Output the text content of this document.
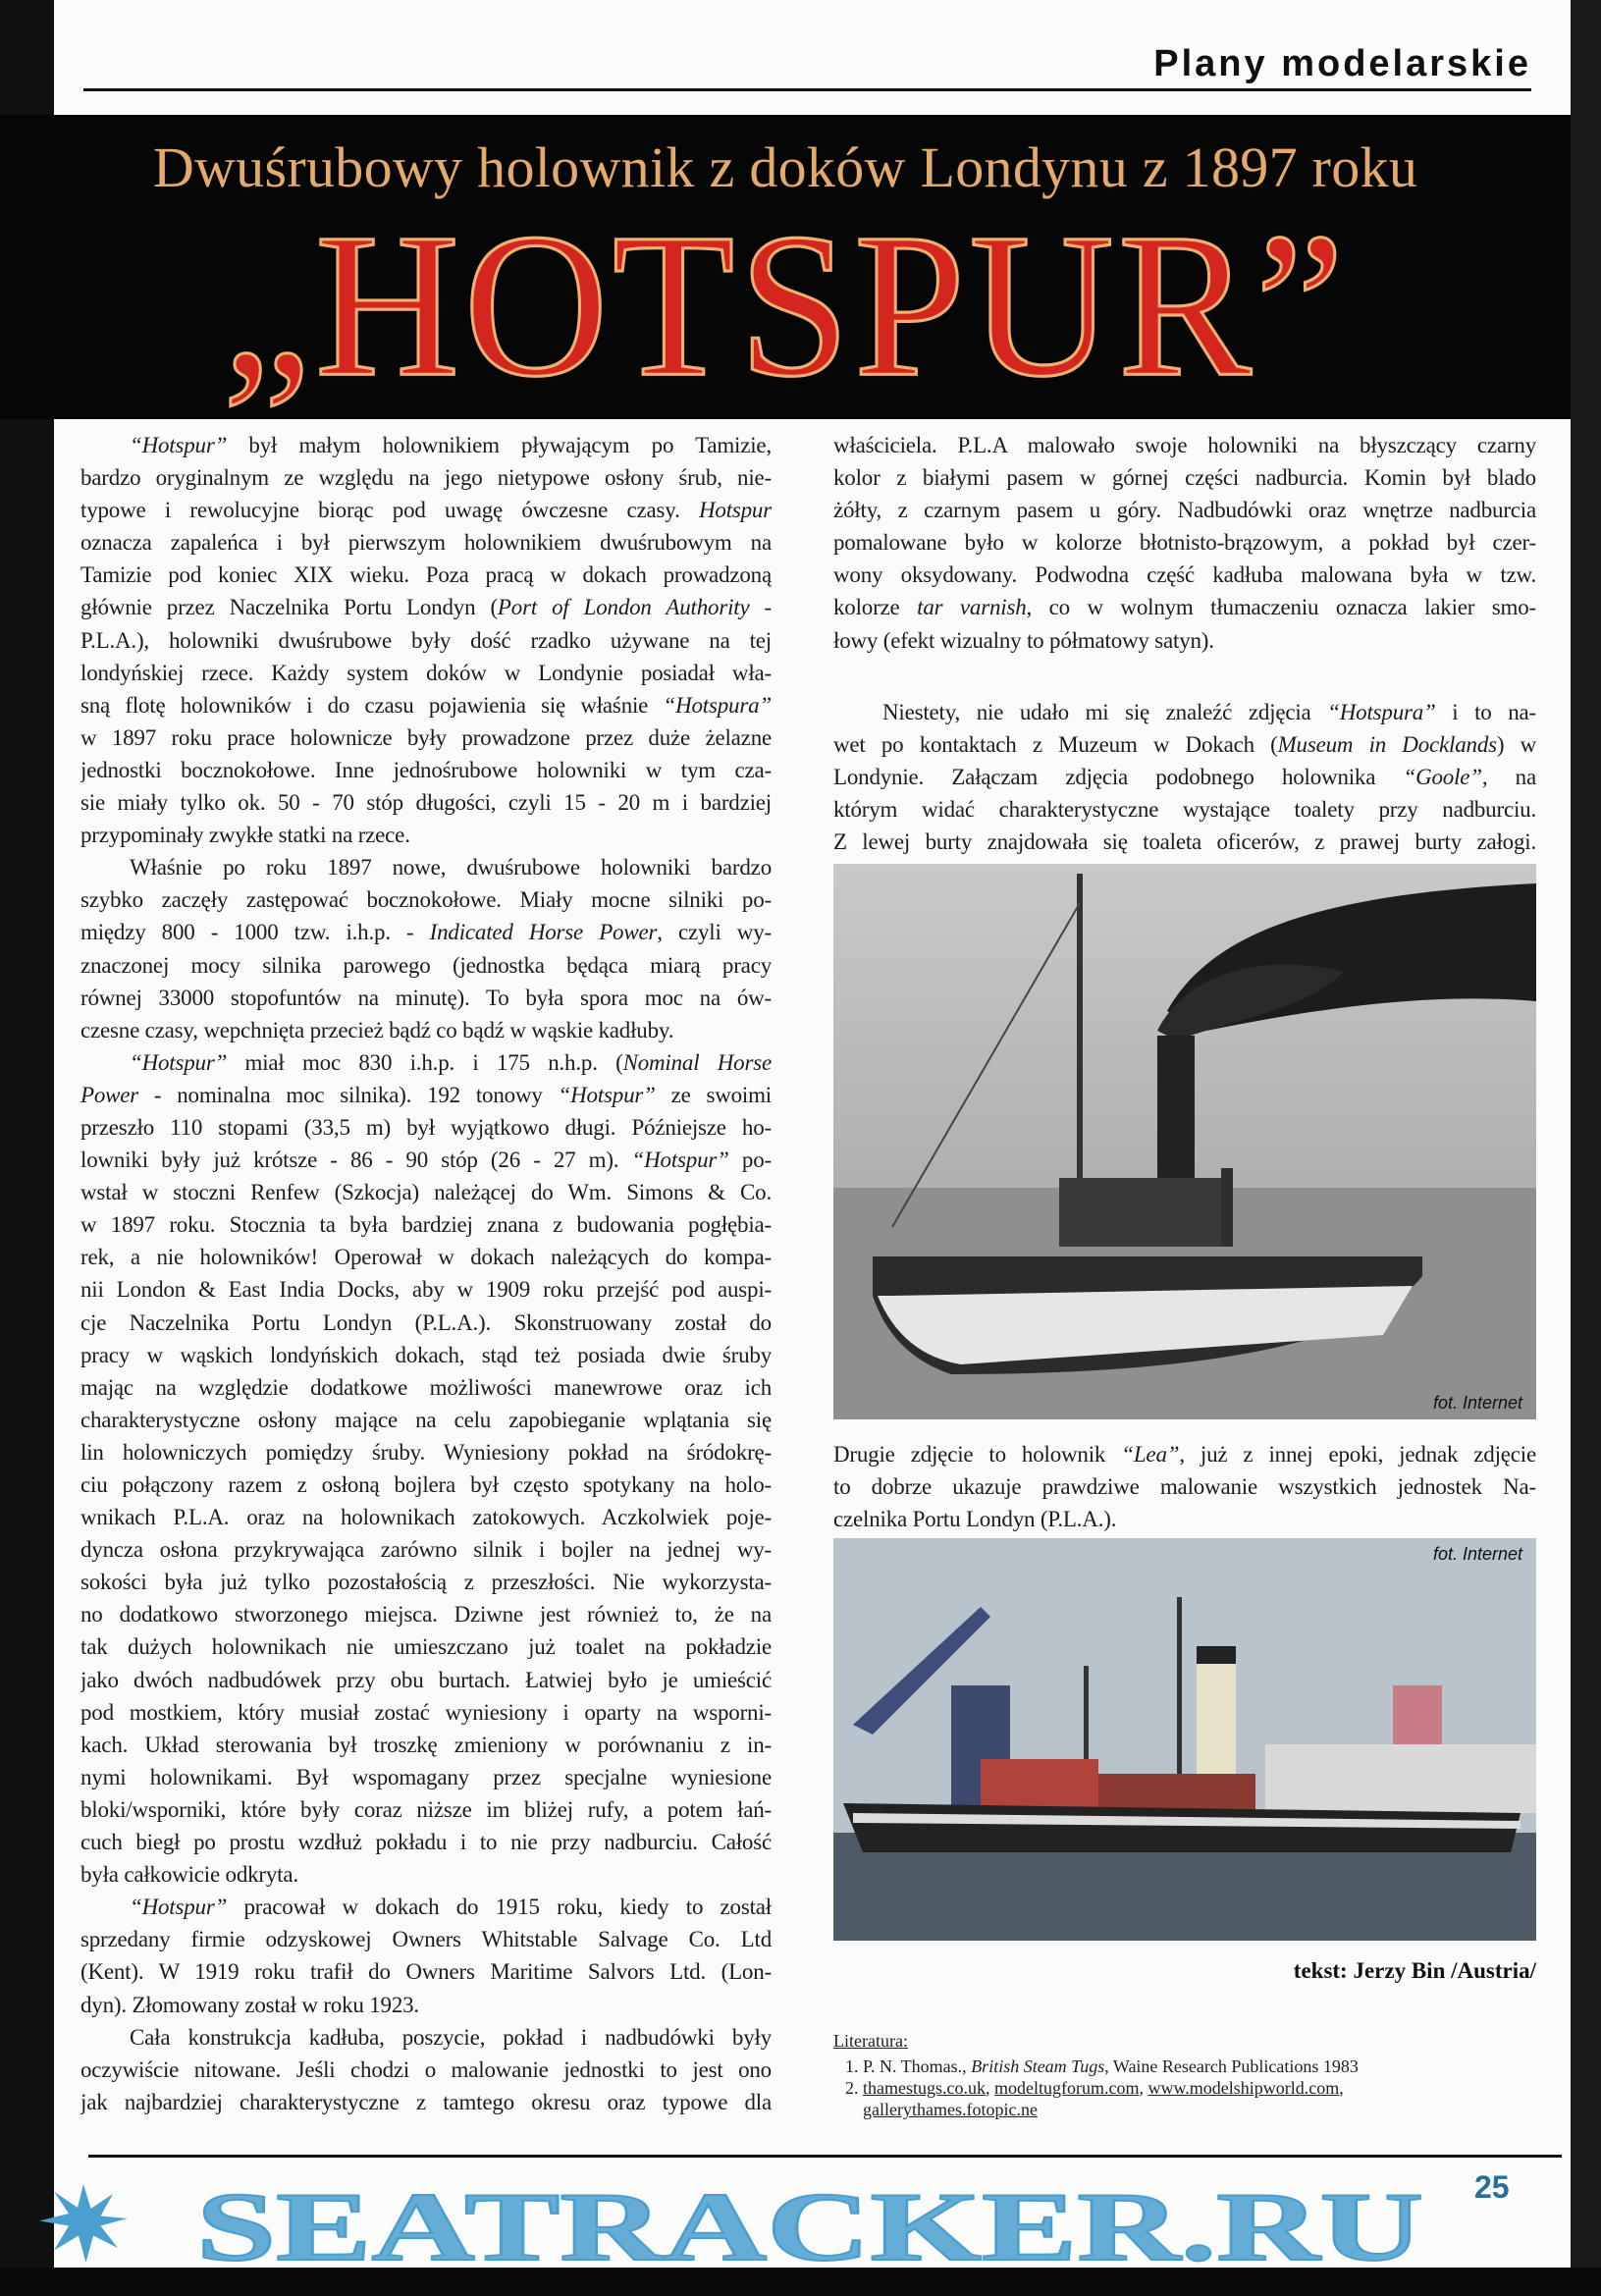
Plany modelarskie
Dwuśrubowy holownik z doków Londynu z 1897 roku
„HOTSPUR”
“Hotspur” był małym holownikiem pływającym po Tamizie,
bardzo oryginalnym ze względu na jego nietypowe osłony śrub, nie-
typowe i rewolucyjne biorąc pod uwagę ówczesne czasy. Hotspur
oznacza zapaleńca i był pierwszym holownikiem dwuśrubowym na
Tamizie pod koniec XIX wieku. Poza pracą w dokach prowadzoną
głównie przez Naczelnika Portu Londyn (Port of London Authority -
P.L.A.), holowniki dwuśrubowe były dość rzadko używane na tej
londyńskiej rzece. Każdy system doków w Londynie posiadał wła-
sną flotę holowników i do czasu pojawienia się właśnie “Hotspura”
w 1897 roku prace holownicze były prowadzone przez duże żelazne
jednostki bocznokołowe. Inne jednośrubowe holowniki w tym cza-
sie miały tylko ok. 50 - 70 stóp długości, czyli 15 - 20 m i bardziej
przypominały zwykłe statki na rzece.
Właśnie po roku 1897 nowe, dwuśrubowe holowniki bardzo
szybko zaczęły zastępować bocznokołowe. Miały mocne silniki po-
między 800 - 1000 tzw. i.h.p. - Indicated Horse Power, czyli wy-
znaczonej mocy silnika parowego (jednostka będąca miarą pracy
równej 33000 stopofuntów na minutę). To była spora moc na ów-
czesne czasy, wepchnięta przecież bądź co bądź w wąskie kadłuby.
“Hotspur” miał moc 830 i.h.p. i 175 n.h.p. (Nominal Horse
Power - nominalna moc silnika). 192 tonowy “Hotspur” ze swoimi
przeszło 110 stopami (33,5 m) był wyjątkowo długi. Późniejsze ho-
lowniki były już krótsze - 86 - 90 stóp (26 - 27 m). “Hotspur” po-
wstał w stoczni Renfew (Szkocja) należącej do Wm. Simons & Co.
w 1897 roku. Stocznia ta była bardziej znana z budowania pogłębia-
rek, a nie holowników! Operował w dokach należących do kompa-
nii London & East India Docks, aby w 1909 roku przejść pod auspi-
cje Naczelnika Portu Londyn (P.L.A.). Skonstruowany został do
pracy w wąskich londyńskich dokach, stąd też posiada dwie śruby
mając na względzie dodatkowe możliwości manewrowe oraz ich
charakterystyczne osłony mające na celu zapobieganie wplątania się
lin holowniczych pomiędzy śruby. Wyniesiony pokład na śródokrę-
ciu połączony razem z osłoną bojlera był często spotykany na holo-
wnikach P.L.A. oraz na holownikach zatokowych. Aczkolwiek poje-
dyncza osłona przykrywająca zarówno silnik i bojler na jednej wy-
sokości była już tylko pozostałością z przeszłości. Nie wykorzysta-
no dodatkowo stworzonego miejsca. Dziwne jest również to, że na
tak dużych holownikach nie umieszczano już toalet na pokładzie
jako dwóch nadbudówek przy obu burtach. Łatwiej było je umieścić
pod mostkiem, który musiał zostać wyniesiony i oparty na wsporni-
kach. Układ sterowania był troszkę zmieniony w porównaniu z in-
nymi holownikami. Był wspomagany przez specjalne wyniesione
bloki/wsporniki, które były coraz niższe im bliżej rufy, a potem łań-
cuch biegł po prostu wzdłuż pokładu i to nie przy nadburciu. Całość
była całkowicie odkryta.
“Hotspur” pracował w dokach do 1915 roku, kiedy to został
sprzedany firmie odzyskowej Owners Whitstable Salvage Co. Ltd
(Kent). W 1919 roku trafił do Owners Maritime Salvors Ltd. (Lon-
dyn). Złomowany został w roku 1923.
Cała konstrukcja kadłuba, poszycie, pokład i nadbudówki były
oczywiście nitowane. Jeśli chodzi o malowanie jednostki to jest ono
jak najbardziej charakterystyczne z tamtego okresu oraz typowe dla
właściciela. P.L.A malowało swoje holowniki na błyszczący czarny
kolor z białymi pasem w górnej części nadburcia. Komin był blado
żółty, z czarnym pasem u góry. Nadbudówki oraz wnętrze nadburcia
pomalowane było w kolorze błotnisto-brązowym, a pokład był czer-
wony oksydowany. Podwodna część kadłuba malowana była w tzw.
kolorze tar varnish, co w wolnym tłumaczeniu oznacza lakier smo-
łowy (efekt wizualny to półmatowy satyn).
Niestety, nie udało mi się znaleźć zdjęcia “Hotspura” i to na-
wet po kontaktach z Muzeum w Dokach (Museum in Docklands) w
Londynie. Załączam zdjęcia podobnego holownika “Goole”, na
którym widać charakterystyczne wystające toalety przy nadburciu.
Z lewej burty znajdowała się toaleta oficerów, z prawej burty załogi.
fot. Internet
Drugie zdjęcie to holownik “Lea”, już z innej epoki, jednak zdjęcie
to dobrze ukazuje prawdziwe malowanie wszystkich jednostek Na-
czelnika Portu Londyn (P.L.A.).
fot. Internet
tekst: Jerzy Bin /Austria/
Literatura:
1. P. N. Thomas., British Steam Tugs, Waine Research Publications 1983
2. thamestugs.co.uk, modeltugforum.com, www.modelshipworld.com,
gallerythames.fotopic.ne
SEATRACKER.RU 25
